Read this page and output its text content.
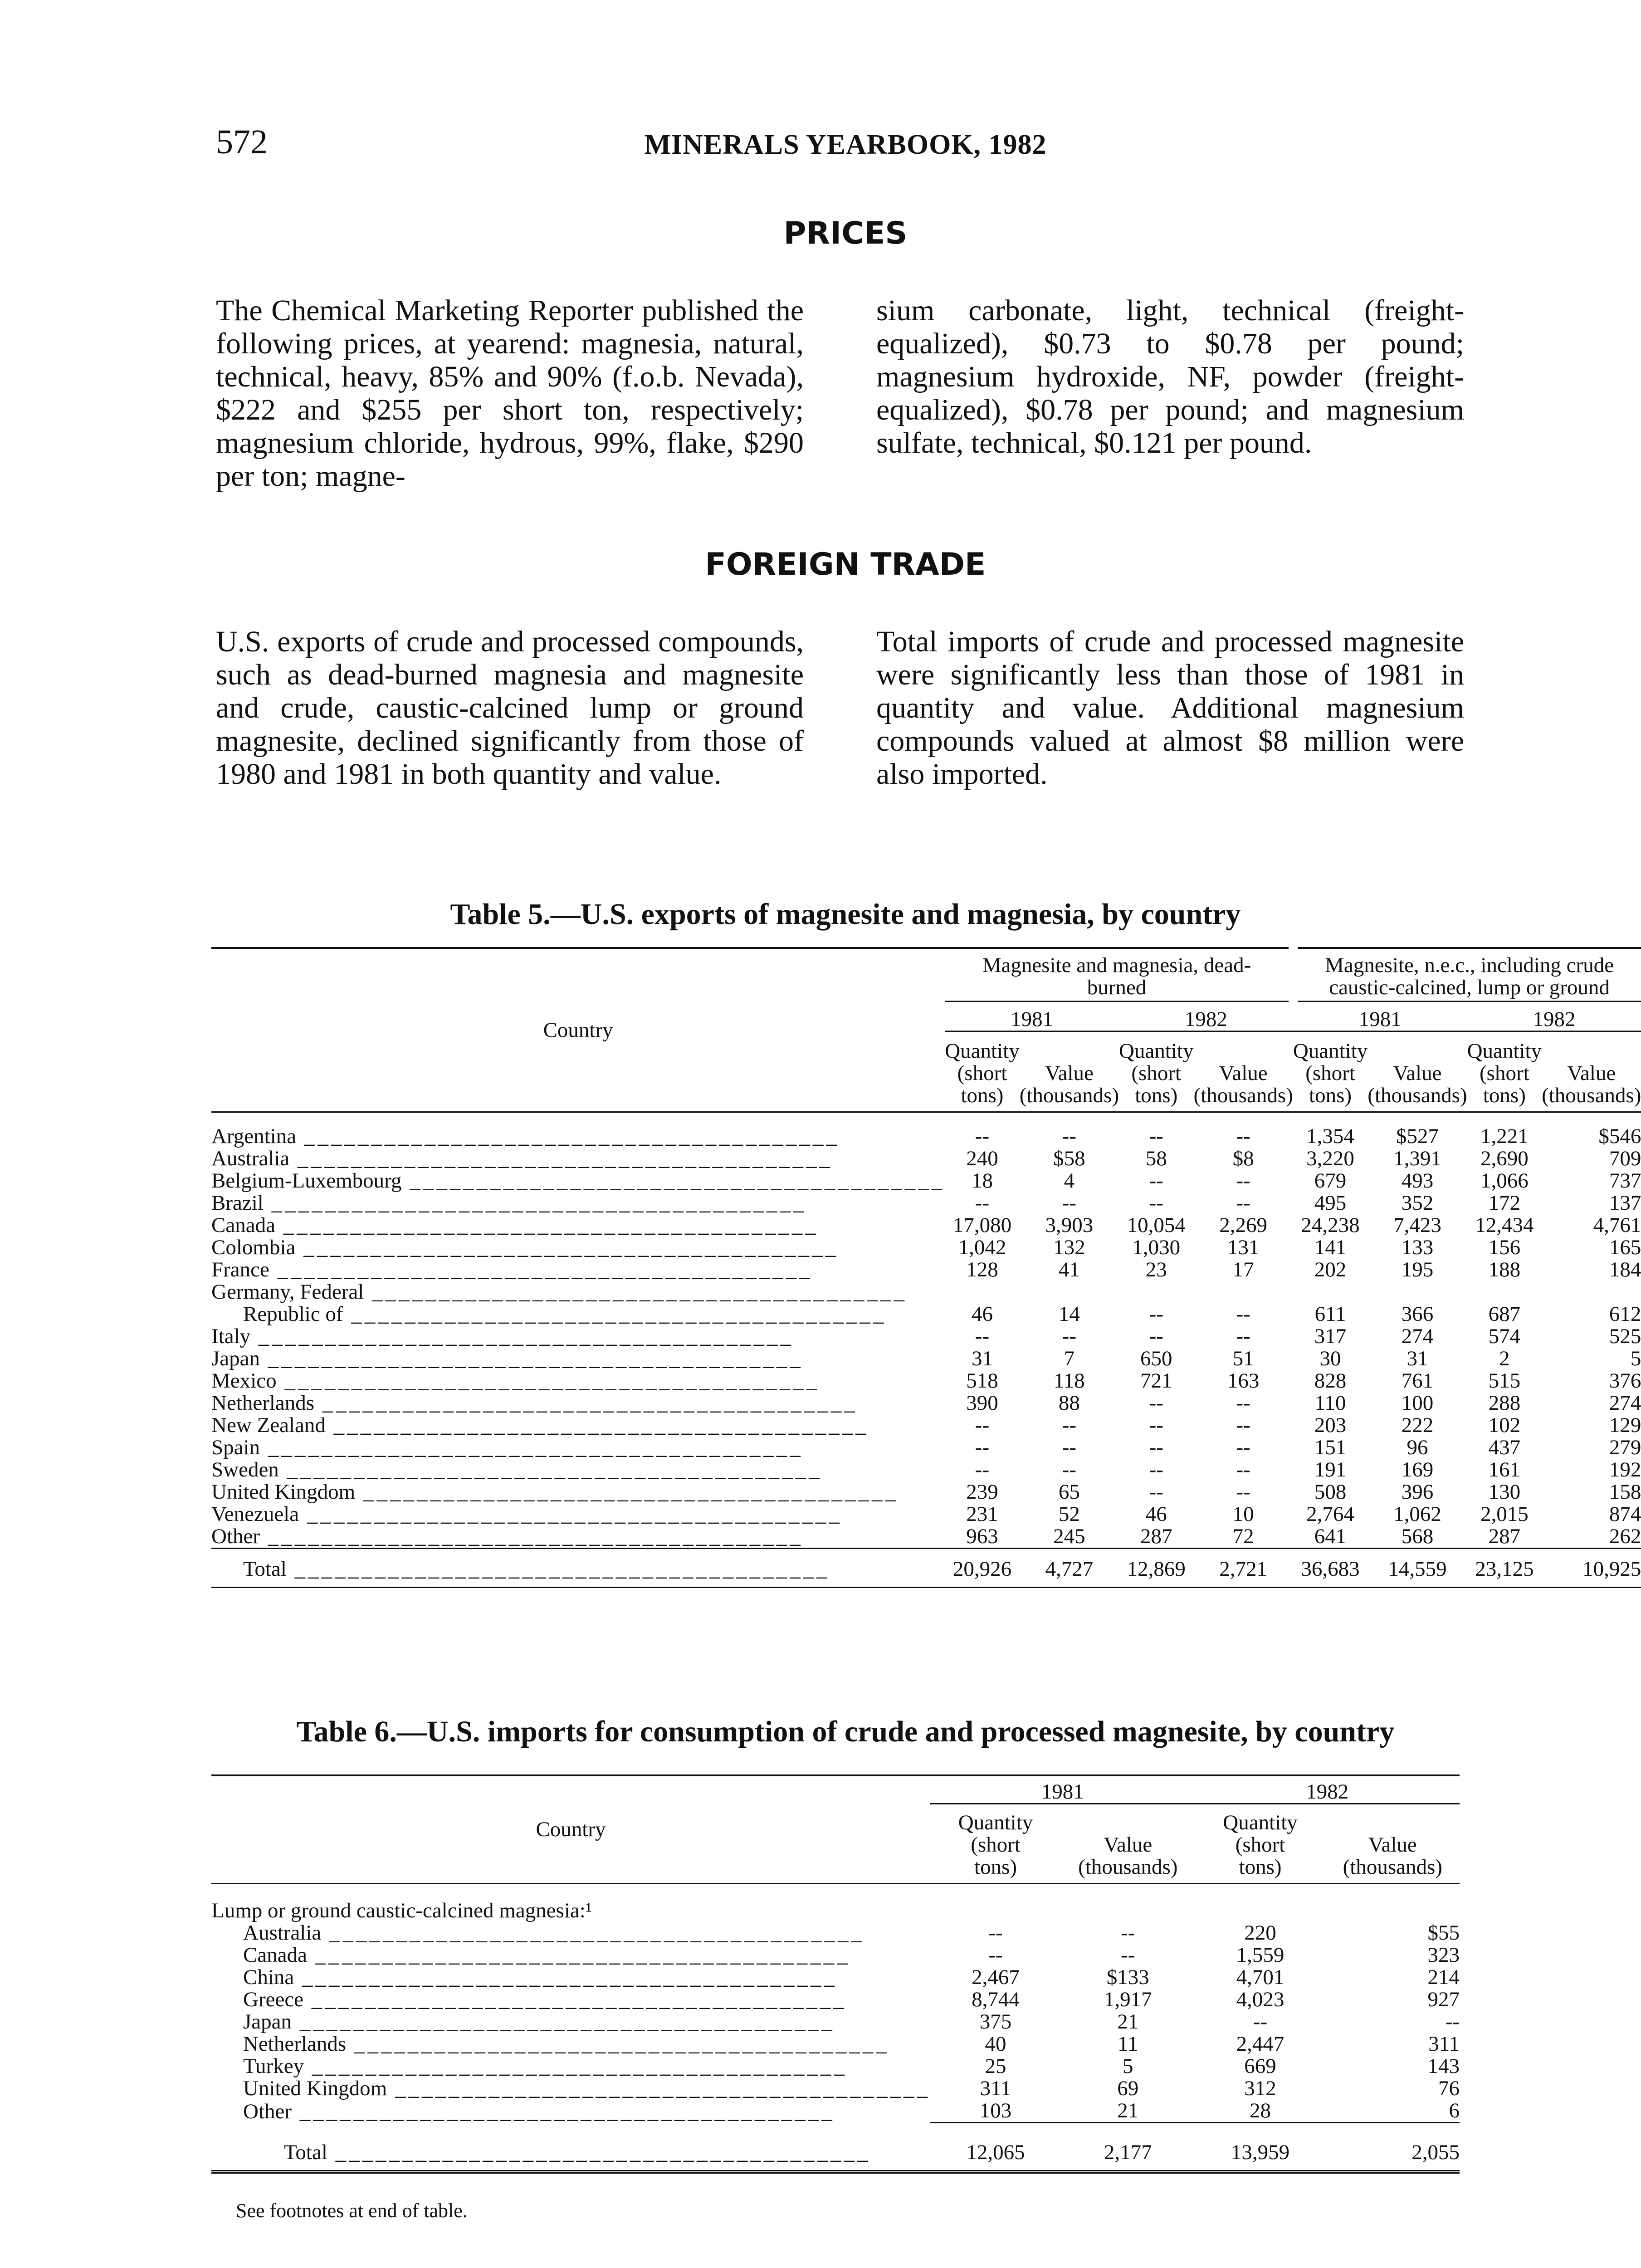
572	MINERALS YEARBOOK, 1982
PRICES

The Chemical Marketing Reporter published the following prices, at yearend: magnesia, natural, technical, heavy, 85% and 90% (f.o.b. Nevada), $222 and $255 per short ton, respectively; magnesium chloride, hydrous, 99%, flake, $290 per ton; magne-

sium carbonate, light, technical (freight-equalized), $0.73 to $0.78 per pound; magnesium hydroxide, NF, powder (freight-equalized), $0.78 per pound; and magnesium sulfate, technical, $0.121 per pound.

FOREIGN TRADE

U.S. exports of crude and processed compounds, such as dead-burned magnesia and magnesite and crude, caustic-calcined lump or ground magnesite, declined significantly from those of 1980 and 1981 in both quantity and value.

Total imports of crude and processed magnesite were significantly less than those of 1981 in quantity and value. Additional magnesium compounds valued at almost $8 million were also imported.

Table 5.—U.S. exports of magnesite and magnesia, by country
Country	Magnesite and magnesia, dead-burned				Magnesite, n.e.c., including crude caustic-calcined, lump or ground			
	1981		1982		1981		1982	
	Quantity (short tons)	Value (thousands)	Quantity (short tons)	Value (thousands)	Quantity (short tons)	Value (thousands)	Quantity (short tons)	Value (thousands)

Argentina ________________________________________	--	--	--	--	1,354	$527	1,221	$546
Australia ________________________________________	240	$58	58	$8	3,220	1,391	2,690	709
Belgium-Luxembourg ________________________________________	18	4	--	--	679	493	1,066	737
Brazil ________________________________________	--	--	--	--	495	352	172	137
Canada ________________________________________	17,080	3,903	10,054	2,269	24,238	7,423	12,434	4,761
Colombia ________________________________________	1,042	132	1,030	131	141	133	156	165
France ________________________________________	128	41	23	17	202	195	188	184
Germany, Federal ________________________________________								
Republic of ________________________________________	46	14	--	--	611	366	687	612
Italy ________________________________________	--	--	--	--	317	274	574	525
Japan ________________________________________	31	7	650	51	30	31	2	5
Mexico ________________________________________	518	118	721	163	828	761	515	376
Netherlands ________________________________________	390	88	--	--	110	100	288	274
New Zealand ________________________________________	--	--	--	--	203	222	102	129
Spain ________________________________________	--	--	--	--	151	96	437	279
Sweden ________________________________________	--	--	--	--	191	169	161	192
United Kingdom ________________________________________	239	65	--	--	508	396	130	158
Venezuela ________________________________________	231	52	46	10	2,764	1,062	2,015	874
Other ________________________________________	963	245	287	72	641	568	287	262
Total ________________________________________	20,926	4,727	12,869	2,721	36,683	14,559	23,125	10,925
Table 6.—U.S. imports for consumption of crude and processed magnesite, by country
Country	1981		1982	
	Quantity (short tons)	Value (thousands)	Quantity (short tons)	Value (thousands)
Lump or ground caustic-calcined magnesia:¹				
Australia ________________________________________	--	--	220	$55
Canada ________________________________________	--	--	1,559	323
China ________________________________________	2,467	$133	4,701	214
Greece ________________________________________	8,744	1,917	4,023	927
Japan ________________________________________	375	21	--	--
Netherlands ________________________________________	40	11	2,447	311
Turkey ________________________________________	25	5	669	143
United Kingdom ________________________________________	311	69	312	76
Other ________________________________________	103	21	28	6
Total ________________________________________	12,065	2,177	13,959	2,055
See footnotes at end of table.
